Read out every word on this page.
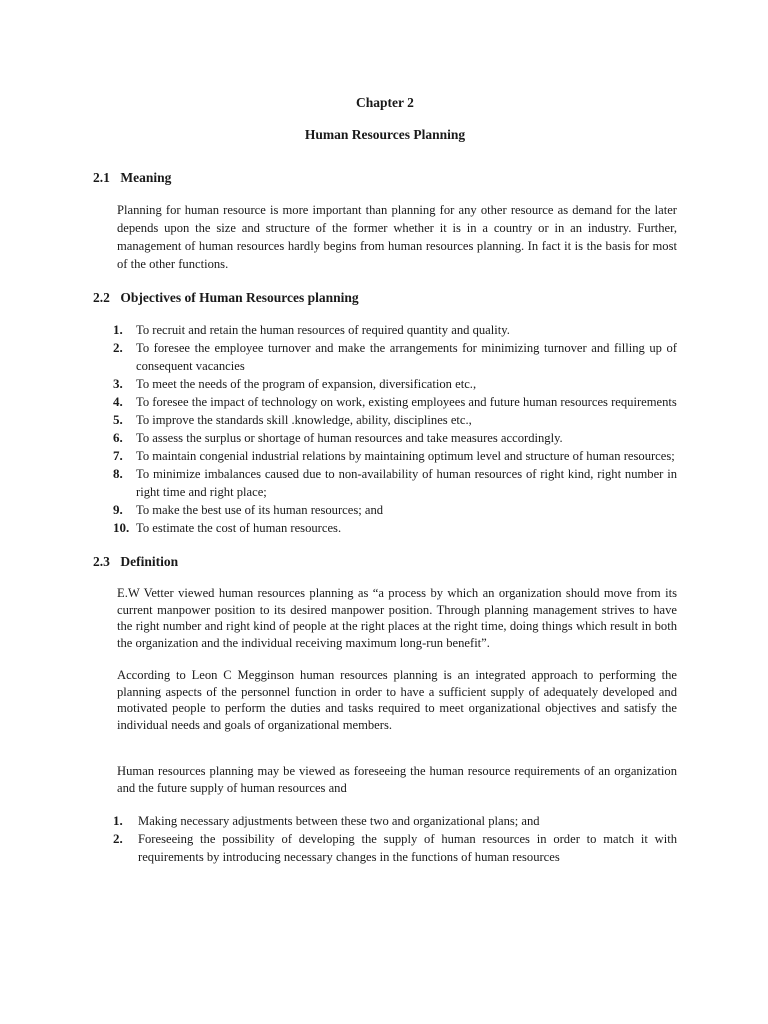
Chapter 2
Human Resources Planning
2.1 Meaning

Planning for human resource is more important than planning for any other resource as demand for the later depends upon the size and structure of the former whether it is in a country or in an industry. Further, management of human resources hardly begins from human resources planning. In fact it is the basis for most of the other functions.

2.2 Objectives of Human Resources planning
1.	To recruit and retain the human resources of required quantity and quality.
2.	To foresee the employee turnover and make the arrangements for minimizing turnover and filling up of consequent vacancies
3.	To meet the needs of the program of expansion, diversification etc.,
4.	To foresee the impact of technology on work, existing employees and future human resources requirements
5.	To improve the standards skill .knowledge, ability, disciplines etc.,
6.	To assess the surplus or shortage of human resources and take measures accordingly.
7.	To maintain congenial industrial relations by maintaining optimum level and structure of human resources;
8.	To minimize imbalances caused due to non-availability of human resources of right kind, right number in right time and right place;
9.	To make the best use of its human resources; and
10. To estimate the cost of human resources.
2.3 Definition

E.W Vetter viewed human resources planning as “a process by which an organization should move from its current manpower position to its desired manpower position. Through planning management strives to have the right number and right kind of people at the right places at the right time, doing things which result in both the organization and the individual receiving maximum long-run benefit”.

According to Leon C Megginson human resources planning is an integrated approach to performing the planning aspects of the personnel function in order to have a sufficient supply of adequately developed and motivated people to perform the duties and tasks required to meet organizational objectives and satisfy the individual needs and goals of organizational members.

Human resources planning may be viewed as foreseeing the human resource requirements of an organization and the future supply of human resources and

1.	Making necessary adjustments between these two and organizational plans; and
2.	Foreseeing the possibility of developing the supply of human resources in order to match it with requirements by introducing necessary changes in the functions of human resources
